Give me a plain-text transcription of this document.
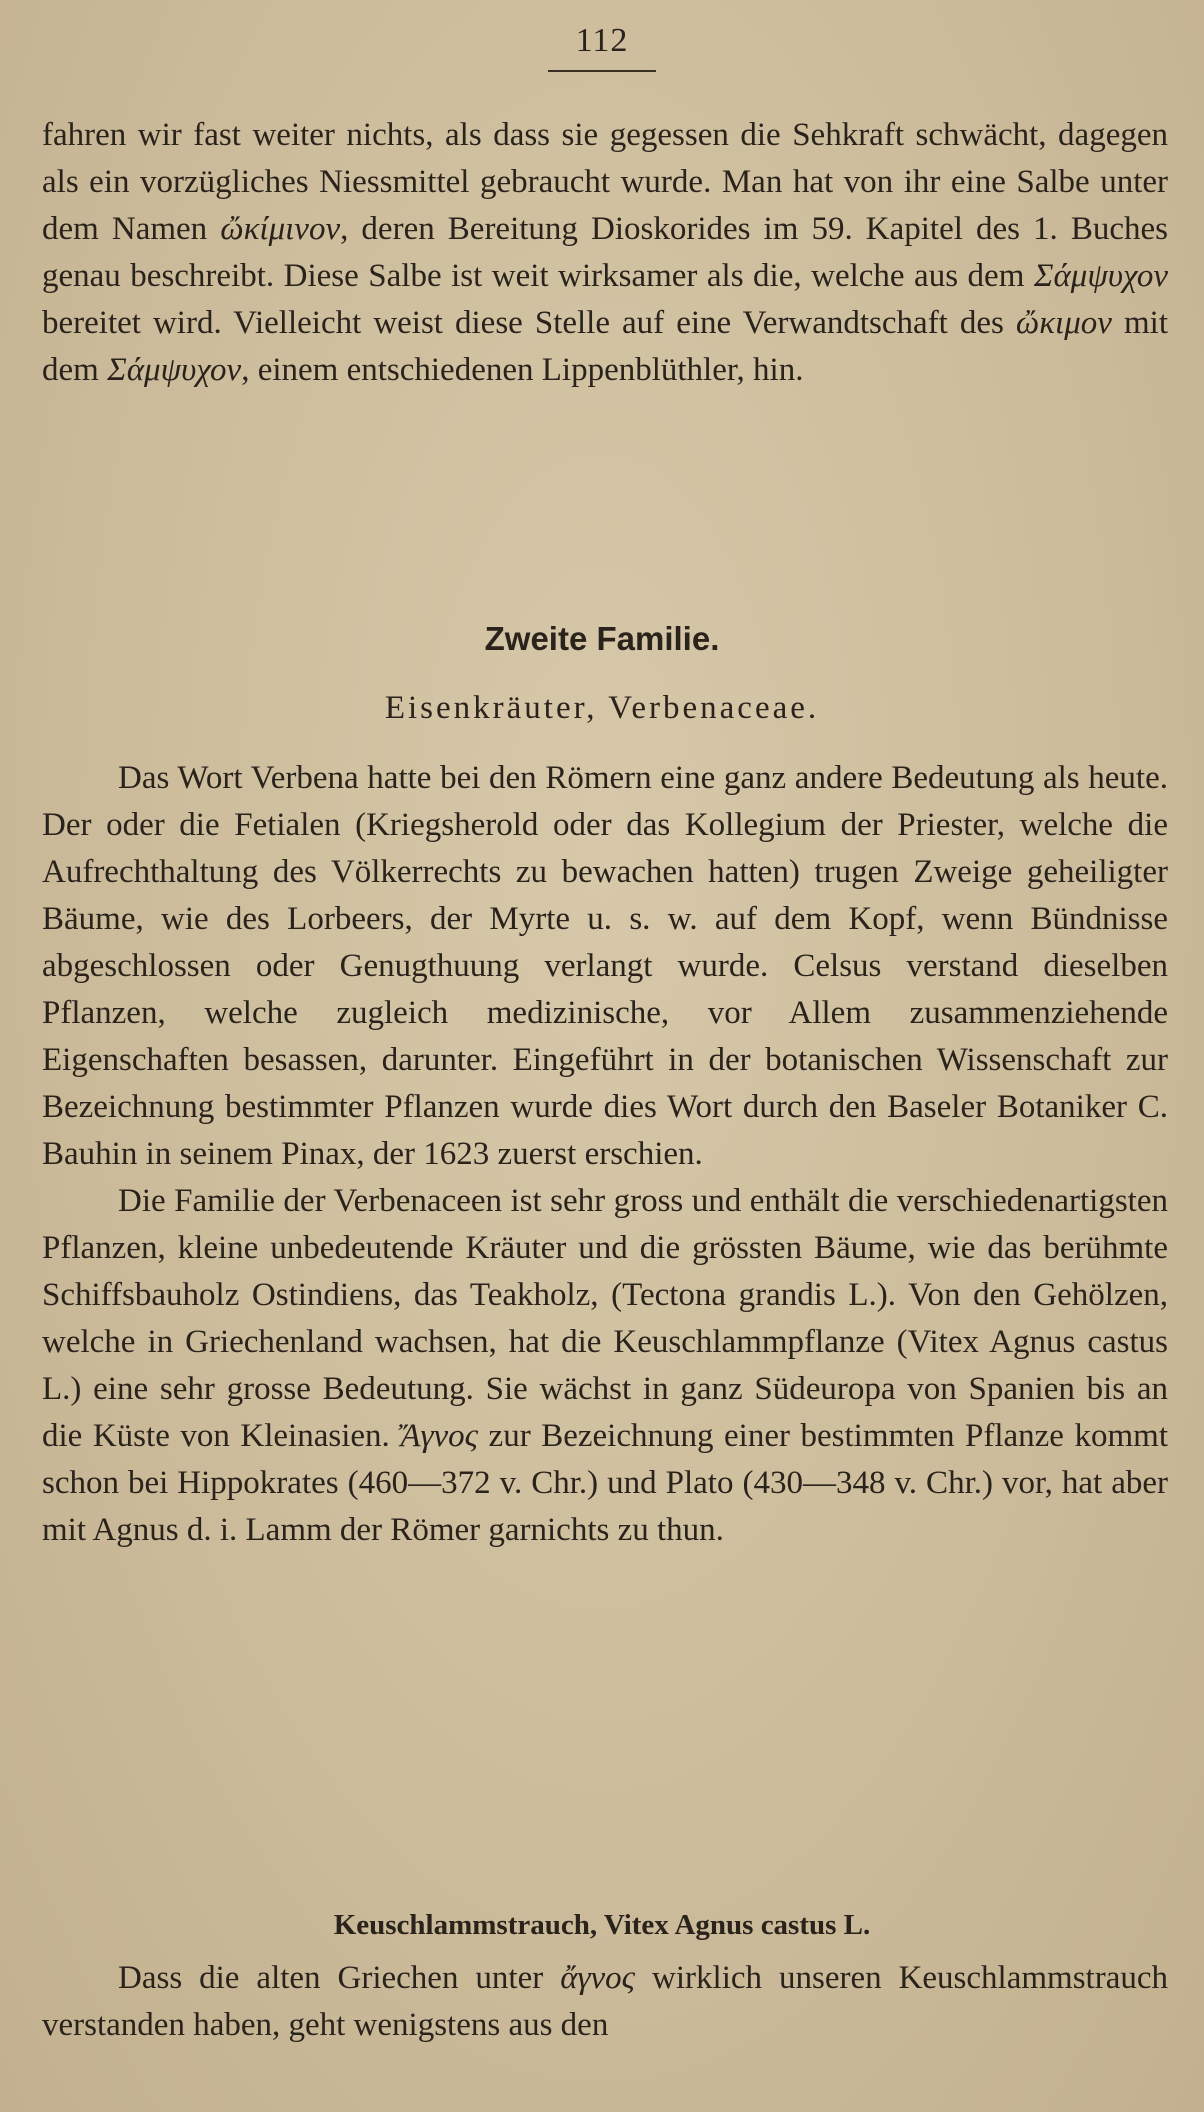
112

fahren wir fast weiter nichts, als dass sie gegessen die Sehkraft schwächt, dagegen als ein vorzügliches Niessmittel gebraucht wurde. Man hat von ihr eine Salbe unter dem Namen ὤκίμινον, deren Bereitung Dioskorides im 59. Kapitel des 1. Buches genau beschreibt. Diese Salbe ist weit wirksamer als die, welche aus dem Σάμψυχον bereitet wird. Vielleicht weist diese Stelle auf eine Verwandtschaft des ὤκιμον mit dem Σάμψυχον, einem entschiedenen Lippenblüthler, hin.

Zweite Familie.
Eisenkräuter, Verbenaceae.

Das Wort Verbena hatte bei den Römern eine ganz andere Bedeutung als heute. Der oder die Fetialen (Kriegsherold oder das Kollegium der Priester, welche die Aufrechthaltung des Völkerrechts zu bewachen hatten) trugen Zweige geheiligter Bäume, wie des Lorbeers, der Myrte u. s. w. auf dem Kopf, wenn Bündnisse abgeschlossen oder Genugthuung verlangt wurde. Celsus verstand dieselben Pflanzen, welche zugleich medizinische, vor Allem zusammenziehende Eigenschaften besassen, darunter. Eingeführt in der botanischen Wissenschaft zur Bezeichnung bestimmter Pflanzen wurde dies Wort durch den Baseler Botaniker C. Bauhin in seinem Pinax, der 1623 zuerst erschien.

Die Familie der Verbenaceen ist sehr gross und enthält die verschiedenartigsten Pflanzen, kleine unbedeutende Kräuter und die grössten Bäume, wie das berühmte Schiffsbauholz Ostindiens, das Teakholz, (Tectona grandis L.). Von den Gehölzen, welche in Griechenland wachsen, hat die Keuschlammpflanze (Vitex Agnus castus L.) eine sehr grosse Bedeutung. Sie wächst in ganz Südeuropa von Spanien bis an die Küste von Kleinasien. Ἄγνος zur Bezeichnung einer bestimmten Pflanze kommt schon bei Hippokrates (460—372 v. Chr.) und Plato (430—348 v. Chr.) vor, hat aber mit Agnus d. i. Lamm der Römer garnichts zu thun.

Keuschlammstrauch, Vitex Agnus castus L.

Dass die alten Griechen unter ἄγνος wirklich unseren Keuschlammstrauch verstanden haben, geht wenigstens aus den
